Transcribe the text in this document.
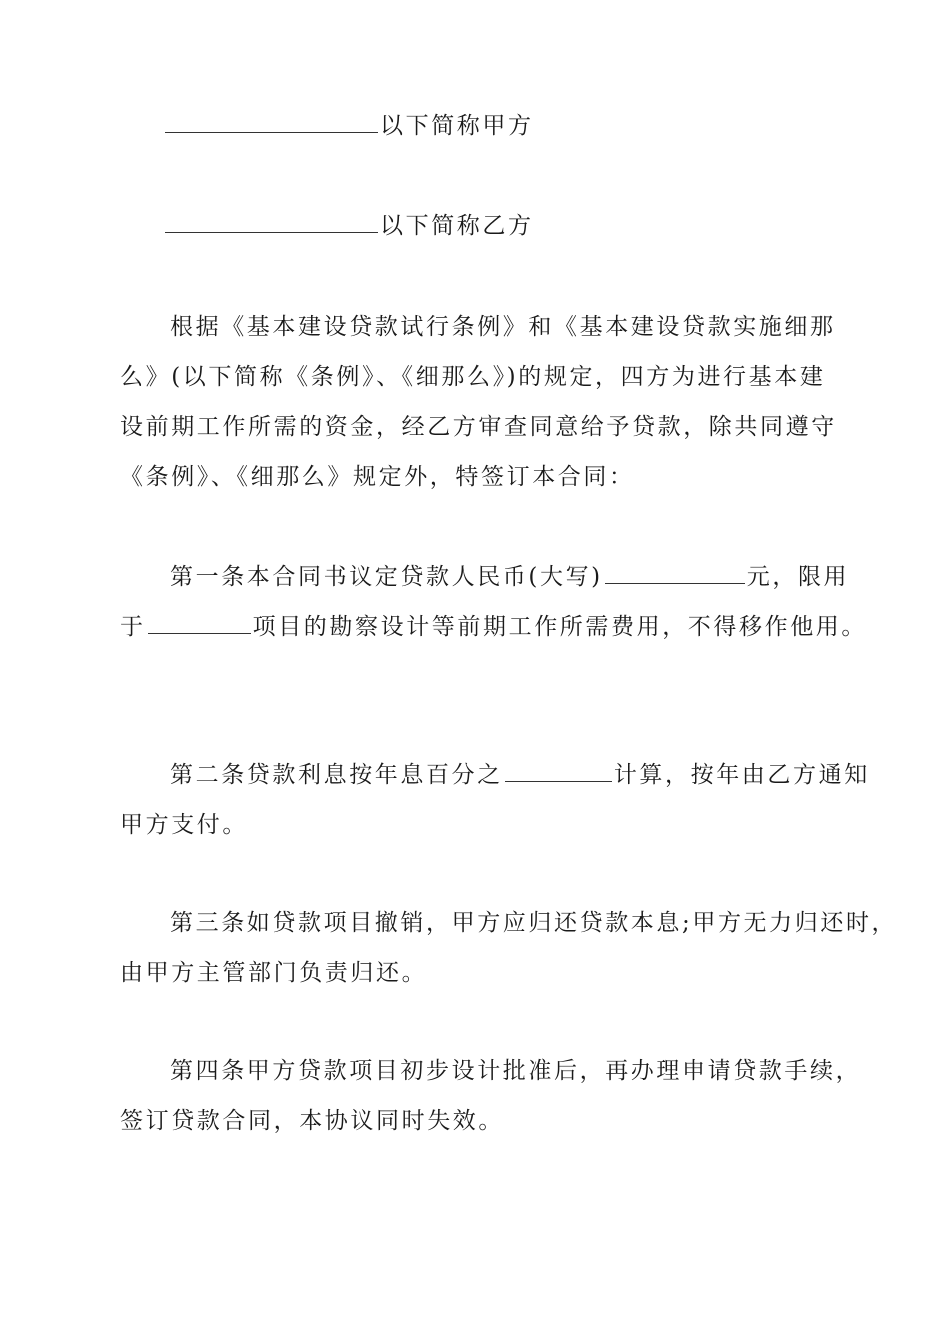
以下简称甲方
以下简称乙方
根据《基本建设贷款试行条例》和《基本建设贷款实施细那
么》(以下简称《条例》、《细那么》)的规定，四方为进行基本建
设前期工作所需的资金，经乙方审查同意给予贷款，除共同遵守
《条例》、《细那么》规定外，特签订本合同：
第一条本合同书议定贷款人民币(大写)	元，限用
于	项目的勘察设计等前期工作所需费用，不得移作他用。
第二条贷款利息按年息百分之	计算，按年由乙方通知
甲方支付。
第三条如贷款项目撤销，甲方应归还贷款本息;甲方无力归还时，
由甲方主管部门负责归还。
第四条甲方贷款项目初步设计批准后，再办理申请贷款手续，
签订贷款合同，本协议同时失效。
